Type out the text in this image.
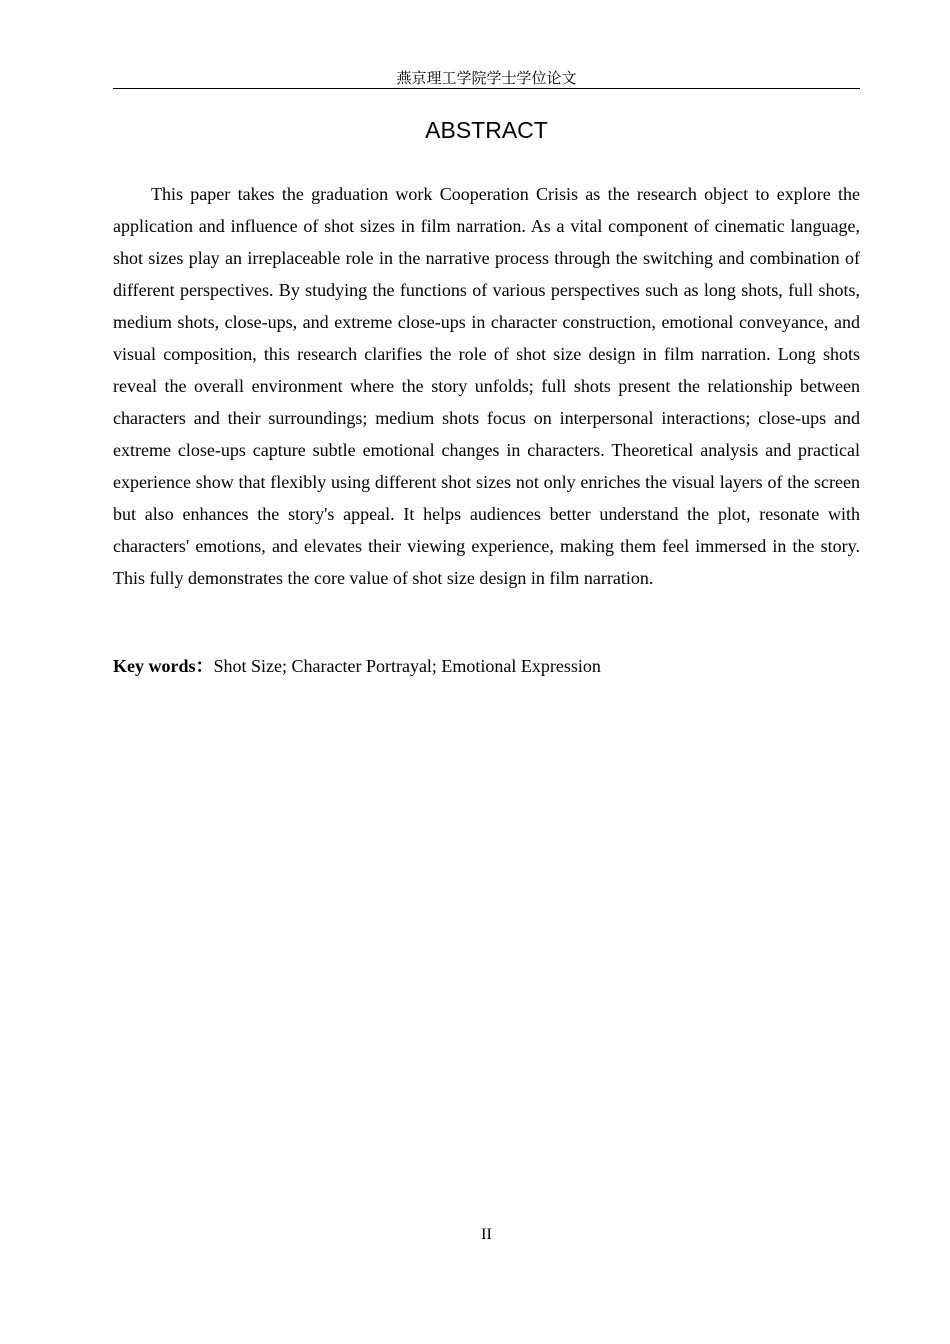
燕京理工学院学士学位论文
ABSTRACT

This paper takes the graduation work Cooperation Crisis as the research object to explore the application and influence of shot sizes in film narration. As a vital component of cinematic language, shot sizes play an irreplaceable role in the narrative process through the switching and combination of different perspectives. By studying the functions of various perspectives such as long shots, full shots, medium shots, close-ups, and extreme close-ups in character construction, emotional conveyance, and visual composition, this research clarifies the role of shot size design in film narration. Long shots reveal the overall environment where the story unfolds; full shots present the relationship between characters and their surroundings; medium shots focus on interpersonal interactions; close-ups and extreme close-ups capture subtle emotional changes in characters. Theoretical analysis and practical experience show that flexibly using different shot sizes not only enriches the visual layers of the screen but also enhances the story's appeal. It helps audiences better understand the plot, resonate with characters' emotions, and elevates their viewing experience, making them feel immersed in the story. This fully demonstrates the core value of shot size design in film narration.

Key words：Shot Size; Character Portrayal; Emotional Expression
II
